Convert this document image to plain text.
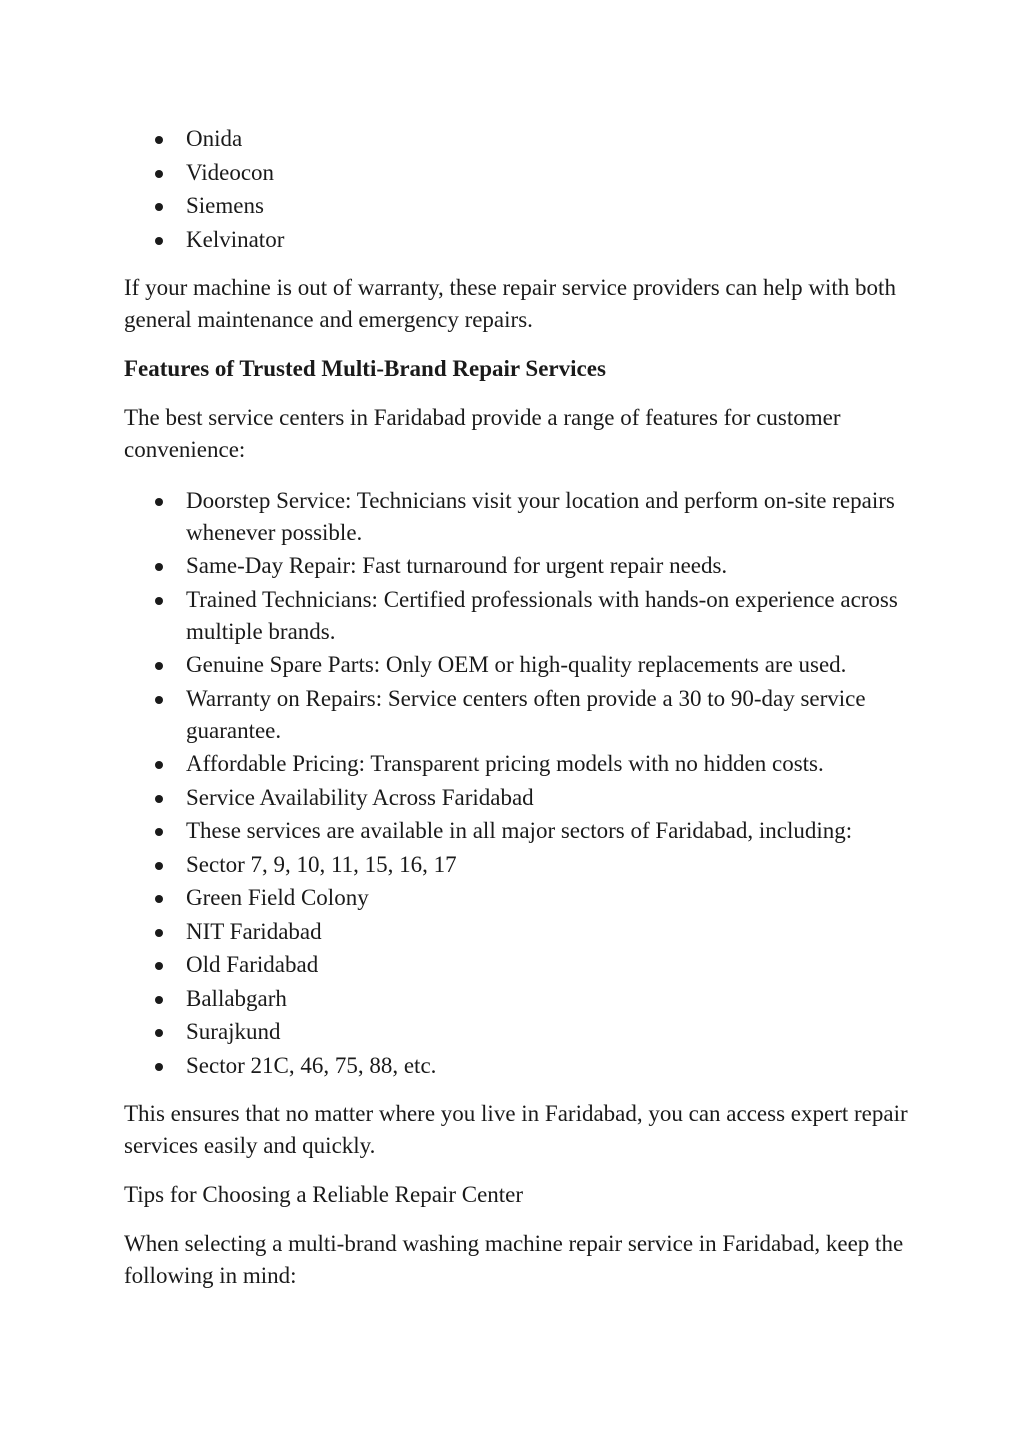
Onida
Videocon
Siemens
Kelvinator

If your machine is out of warranty, these repair service providers can help with both general maintenance and emergency repairs.

Features of Trusted Multi-Brand Repair Services

The best service centers in Faridabad provide a range of features for customer convenience:

Doorstep Service: Technicians visit your location and perform on-site repairs whenever possible.
Same-Day Repair: Fast turnaround for urgent repair needs.
Trained Technicians: Certified professionals with hands-on experience across multiple brands.
Genuine Spare Parts: Only OEM or high-quality replacements are used.
Warranty on Repairs: Service centers often provide a 30 to 90-day service guarantee.
Affordable Pricing: Transparent pricing models with no hidden costs.
Service Availability Across Faridabad
These services are available in all major sectors of Faridabad, including:
Sector 7, 9, 10, 11, 15, 16, 17
Green Field Colony
NIT Faridabad
Old Faridabad
Ballabgarh
Surajkund
Sector 21C, 46, 75, 88, etc.

This ensures that no matter where you live in Faridabad, you can access expert repair services easily and quickly.

Tips for Choosing a Reliable Repair Center

When selecting a multi-brand washing machine repair service in Faridabad, keep the following in mind:
